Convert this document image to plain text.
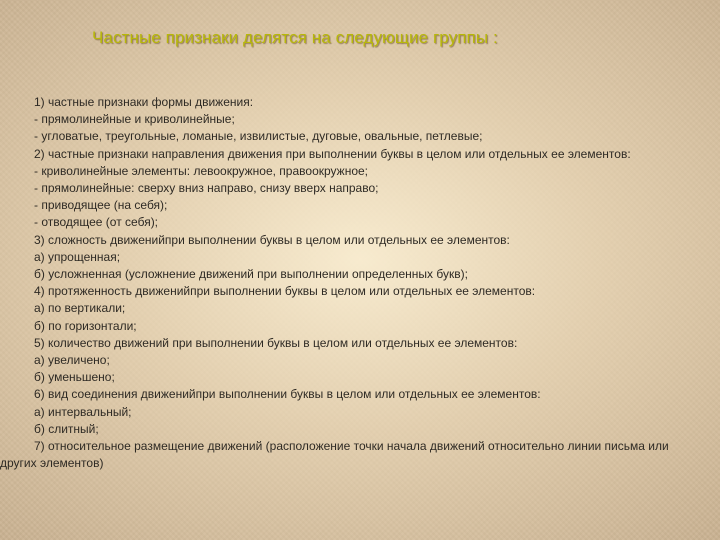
Частные признаки делятся на следующие группы :
1) частные признаки формы движения:
- прямолинейные и криволинейные;
- угловатые, треугольные, ломаные, извилистые, дуговые, овальные, петлевые;
2) частные признаки направления движения при выполнении буквы в целом или отдельных ее элементов:
- криволинейные элементы: левоокружное, правоокружное;
- прямолинейные: сверху вниз направо, снизу вверх направо;
- приводящее (на себя);
- отводящее (от себя);
3) сложность движенийпри выполнении буквы в целом или отдельных ее элементов:
а) упрощенная;
б) усложненная (усложнение движений при выполнении определенных букв);
4) протяженность движенийпри выполнении буквы в целом или отдельных ее элементов:
а) по вертикали;
б) по горизонтали;
5) количество движений при выполнении буквы в целом или отдельных ее элементов:
а) увеличено;
б) уменьшено;
6) вид соединения движенийпри выполнении буквы в целом или отдельных ее элементов:
а) интервальный;
б) слитный;
7) относительное размещение движений (расположение точки начала движений относительно линии письма или
других элементов)
